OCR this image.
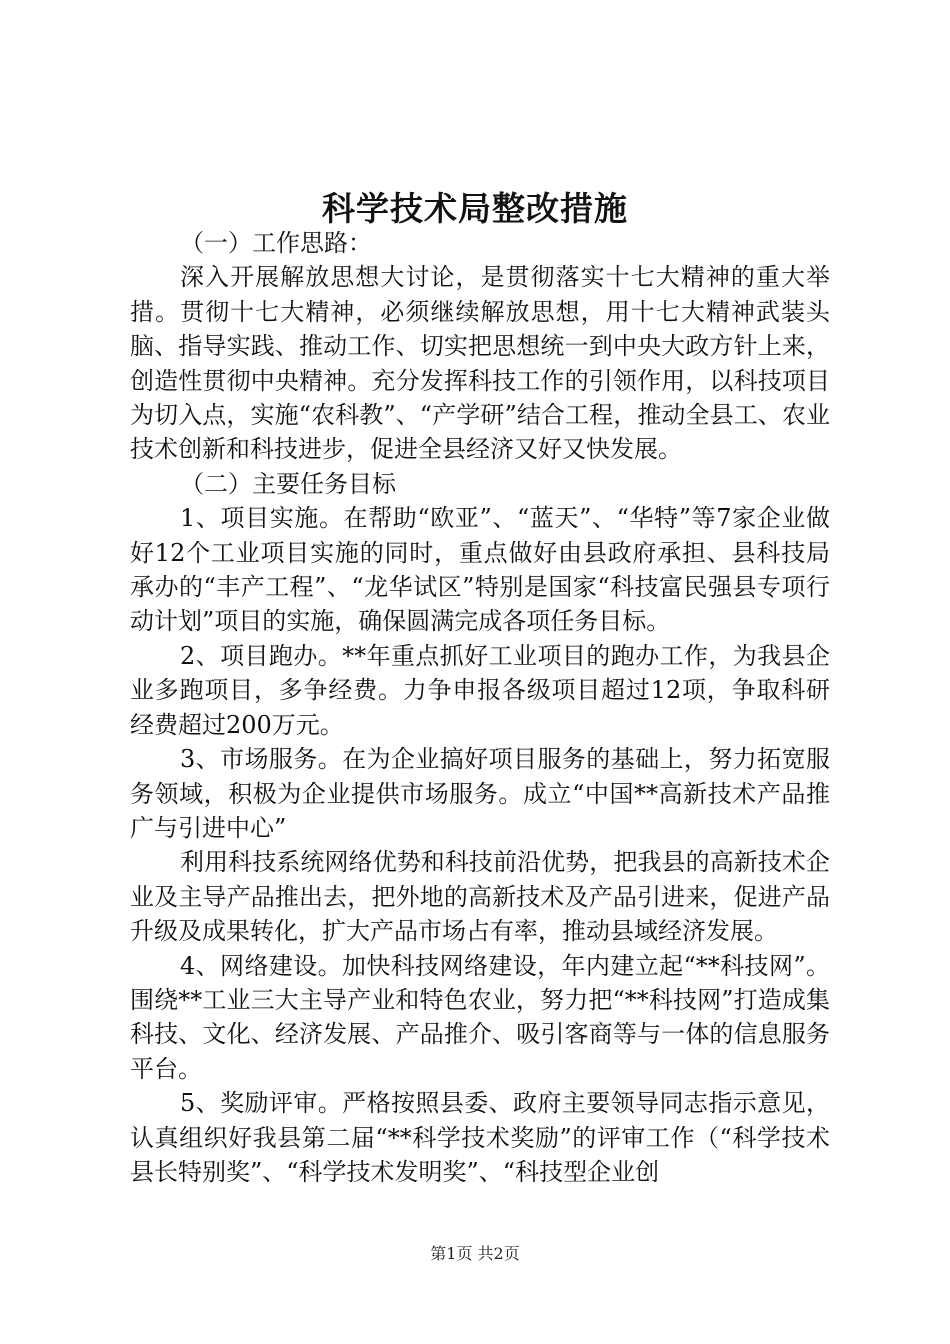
科学技术局整改措施

（一）工作思路：

深入开展解放思想大讨论，是贯彻落实十七大精神的重大举措。贯彻十七大精神，必须继续解放思想，用十七大精神武装头脑、指导实践、推动工作、切实把思想统一到中央大政方针上来，创造性贯彻中央精神。充分发挥科技工作的引领作用，以科技项目为切入点，实施“农科教”、“产学研”结合工程，推动全县工、农业技术创新和科技进步，促进全县经济又好又快发展。

（二）主要任务目标

1、项目实施。在帮助“欧亚”、“蓝天”、“华特”等7家企业做好12个工业项目实施的同时，重点做好由县政府承担、县科技局承办的“丰产工程”、“龙华试区”特别是国家“科技富民强县专项行动计划”项目的实施，确保圆满完成各项任务目标。

2、项目跑办。**年重点抓好工业项目的跑办工作，为我县企业多跑项目，多争经费。力争申报各级项目超过12项，争取科研经费超过200万元。

3、市场服务。在为企业搞好项目服务的基础上，努力拓宽服务领域，积极为企业提供市场服务。成立“中国**高新技术产品推广与引进中心”

利用科技系统网络优势和科技前沿优势，把我县的高新技术企业及主导产品推出去，把外地的高新技术及产品引进来，促进产品升级及成果转化，扩大产品市场占有率，推动县域经济发展。

4、网络建设。加快科技网络建设，年内建立起“**科技网”。围绕**工业三大主导产业和特色农业，努力把“**科技网”打造成集科技、文化、经济发展、产品推介、吸引客商等与一体的信息服务平台。

5、奖励评审。严格按照县委、政府主要领导同志指示意见，认真组织好我县第二届“**科学技术奖励”的评审工作（“科学技术县长特别奖”、“科学技术发明奖”、“科技型企业创

第1页 共2页
